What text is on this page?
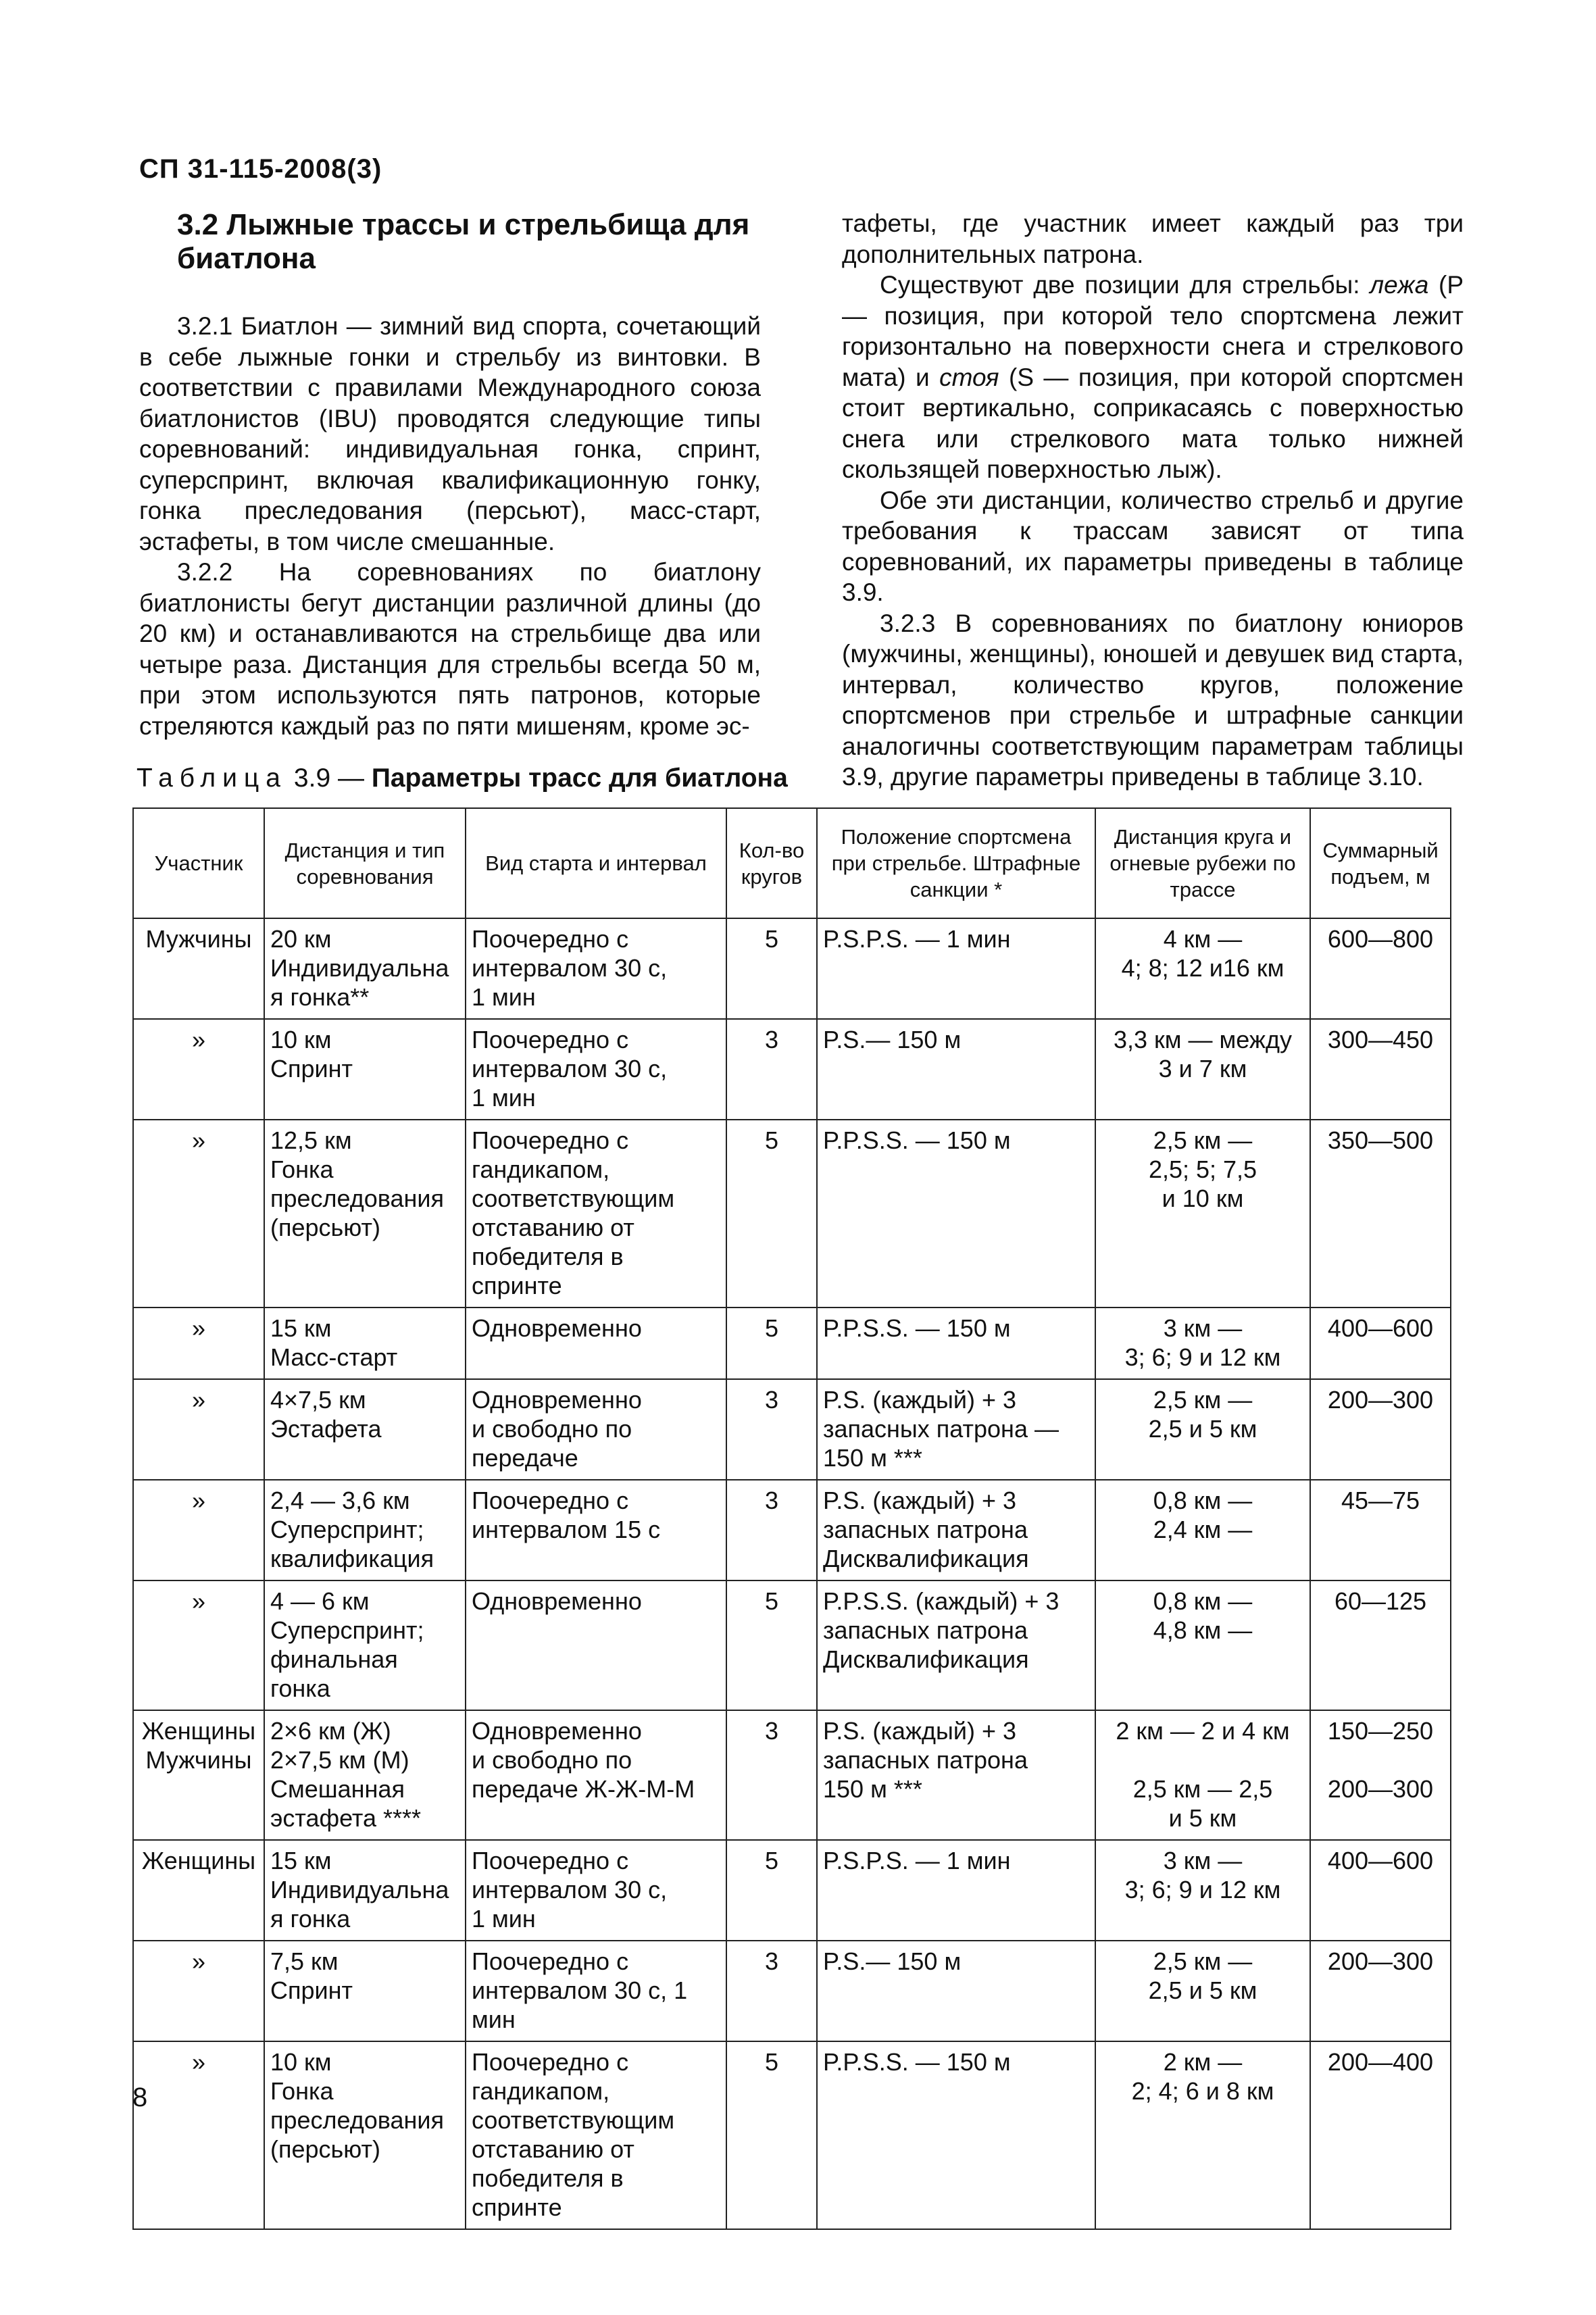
СП 31-115-2008(3)
3.2 Лыжные трассы и стрельбища для биатлона

3.2.1 Биатлон — зимний вид спорта, сочетающий в себе лыжные гонки и стрельбу из винтовки. В соответствии с правилами Международного союза биатлонистов (IBU) проводятся следующие типы соревнований: индивидуальная гонка, спринт, суперспринт, включая квалификационную гонку, гонка преследования (персьют), масс-старт, эстафеты, в том числе смешанные.

3.2.2 На соревнованиях по биатлону биатлонисты бегут дистанции различной длины (до 20 км) и останавливаются на стрельбище два или четыре раза. Дистанция для стрельбы всегда 50 м, при этом используются пять патронов, которые стреляются каждый раз по пяти мишеням, кроме эс-

тафеты, где участник имеет каждый раз три дополнительных патрона.

Существуют две позиции для стрельбы: лежа (Р — позиция, при которой тело спортсмена лежит горизонтально на поверхности снега и стрелкового мата) и стоя (S — позиция, при которой спортсмен стоит вертикально, соприкасаясь с поверхностью снега или стрелкового мата только нижней скользящей поверхностью лыж).

Обе эти дистанции, количество стрельб и другие требования к трассам зависят от типа соревнований, их параметры приведены в таблице 3.9.

3.2.3 В соревнованиях по биатлону юниоров (мужчины, женщины), юношей и девушек вид старта, интервал, количество кругов, положение спортсменов при стрельбе и штрафные санкции аналогичны соответствующим параметрам таблицы 3.9, другие параметры приведены в таблице 3.10.

Таблица 3.9 — Параметры трасс для биатлона
Участник	Дистанция и тип соревнования	Вид старта и интервал	Кол-во кругов	Положение спортсмена при стрельбе. Штрафные санкции *	Дистанция круга и огневые рубежи по трассе	Суммарный подъем, м
Мужчины	20 км
Индивидуальная гонка**	Поочередно с интервалом 30 с,
1 мин	5	P.S.P.S. — 1 мин	4 км —
4; 8; 12 и16 км	600—800
»	10 км
Спринт	Поочередно с интервалом 30 с,
1 мин	3	P.S.— 150 м	3,3 км — между
3 и 7 км	300—450
»	12,5 км
Гонка преследования
(персьют)	Поочередно с гандикапом, соответствующим отставанию от победителя в спринте	5	P.P.S.S. — 150 м	2,5 км —
2,5; 5; 7,5
и 10 км	350—500
»	15 км
Масс-старт	Одновременно	5	P.P.S.S. — 150 м	3 км —
3; 6; 9 и 12 км	400—600
»	4×7,5 км
Эстафета	Одновременно
и свободно по передаче	3	P.S. (каждый) + 3 запасных патрона — 150 м ***	2,5 км —
2,5 и 5 км	200—300
»	2,4 — 3,6 км
Суперспринт;
квалификация	Поочередно с интервалом 15 с	3	P.S. (каждый) + 3 запасных патрона
Дисквалификация	0,8 км —
2,4 км —	45—75
»	4 — 6 км
Суперспринт;
финальная гонка	Одновременно	5	P.P.S.S. (каждый) + 3 запасных патрона
Дисквалификация	0,8 км —
4,8 км —	60—125
Женщины
Мужчины	2×6 км (Ж)
2×7,5 км (М)
Смешанная
эстафета ****	Одновременно
и свободно по передаче Ж-Ж-М-М	3	P.S. (каждый) + 3 запасных патрона
150 м ***	2 км — 2 и 4 км

2,5 км — 2,5
и 5 км	150—250

200—300
Женщины	15 км
Индивидуальная гонка	Поочередно с интервалом 30 с,
1 мин	5	P.S.P.S. — 1 мин	3 км —
3; 6; 9 и 12 км	400—600
»	7,5 км
Спринт	Поочередно с интервалом 30 с, 1 мин	3	P.S.— 150 м	2,5 км —
2,5 и 5 км	200—300
»	10 км
Гонка преследования
(персьют)	Поочередно с гандикапом, соответствующим отставанию от победителя в спринте	5	P.P.S.S. — 150 м	2 км —
2; 4; 6 и 8 км	200—400
8
